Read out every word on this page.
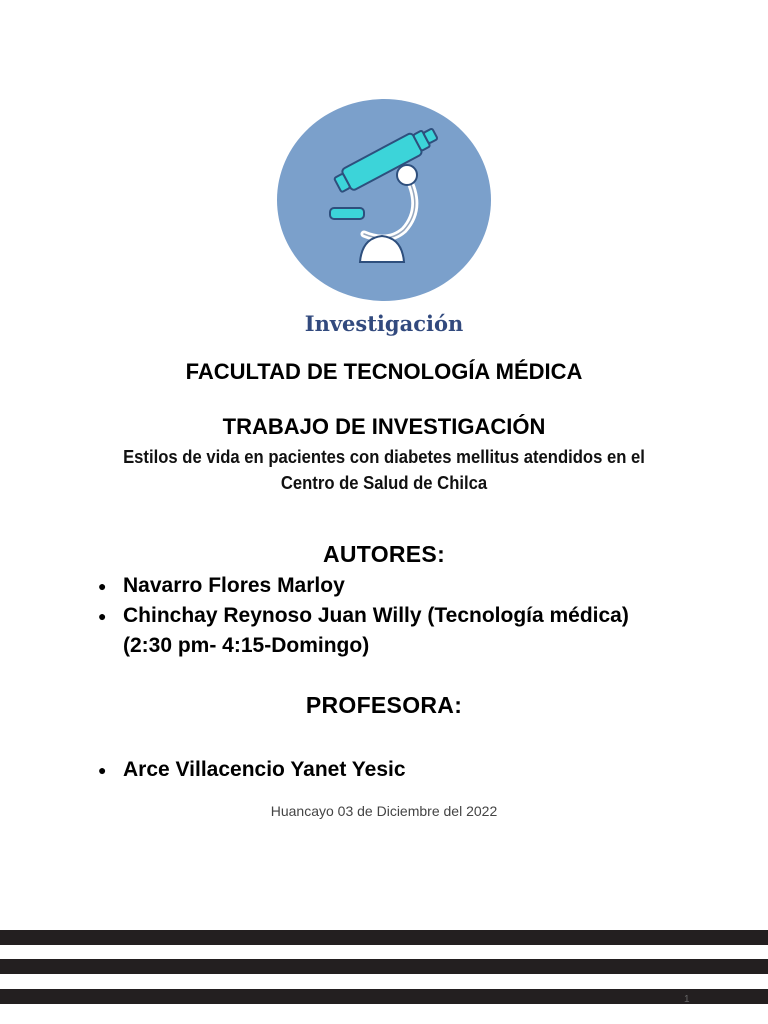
Investigación
FACULTAD DE TECNOLOGÍA MÉDICA
TRABAJO DE INVESTIGACIÓN
Estilos de vida en pacientes con diabetes mellitus atendidos en el
Centro de Salud de Chilca
AUTORES:
● Navarro Flores Marloy
● Chinchay Reynoso Juan Willy (Tecnología médica)
(2:30 pm- 4:15-Domingo)
PROFESORA:
● Arce Villacencio Yanet Yesic
Huancayo 03 de Diciembre del 2022
1
